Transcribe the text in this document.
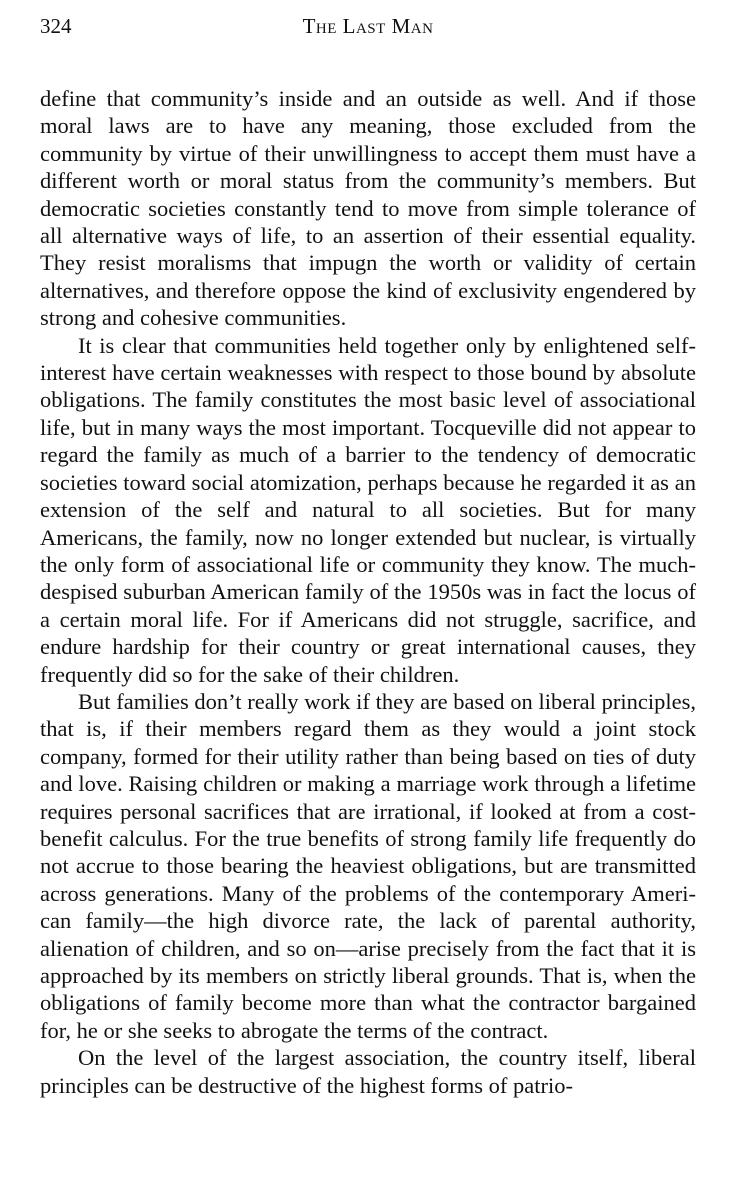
324	The Last Man

define that community’s inside and an outside as well. And if those moral laws are to have any meaning, those excluded from the community by virtue of their unwillingness to accept them must have a different worth or moral status from the community’s members. But democratic societies constantly tend to move from simple tolerance of all alternative ways of life, to an assertion of their essential equality. They resist moralisms that impugn the worth or validity of certain alternatives, and therefore oppose the kind of exclusivity engendered by strong and cohesive communities.

It is clear that communities held together only by enlightened self-interest have certain weaknesses with respect to those bound by absolute obligations. The family constitutes the most basic level of associational life, but in many ways the most important. Tocqueville did not appear to regard the family as much of a barrier to the tendency of democratic societies toward social atomization, perhaps because he regarded it as an extension of the self and natural to all societies. But for many Americans, the family, now no longer extended but nuclear, is virtually the only form of associational life or community they know. The much-despised suburban American family of the 1950s was in fact the locus of a certain moral life. For if Americans did not struggle, sacrifice, and endure hardship for their country or great international causes, they frequently did so for the sake of their children.

But families don’t really work if they are based on liberal principles, that is, if their members regard them as they would a joint stock company, formed for their utility rather than being based on ties of duty and love. Raising children or making a marriage work through a lifetime requires personal sacrifices that are irrational, if looked at from a cost-benefit calculus. For the true benefits of strong family life frequently do not accrue to those bearing the heaviest obligations, but are transmitted across generations. Many of the problems of the contemporary American family—the high divorce rate, the lack of parental authority, alienation of children, and so on—arise precisely from the fact that it is approached by its members on strictly liberal grounds. That is, when the obligations of family become more than what the contractor bargained for, he or she seeks to abrogate the terms of the contract.

On the level of the largest association, the country itself, liberal principles can be destructive of the highest forms of patrio-
